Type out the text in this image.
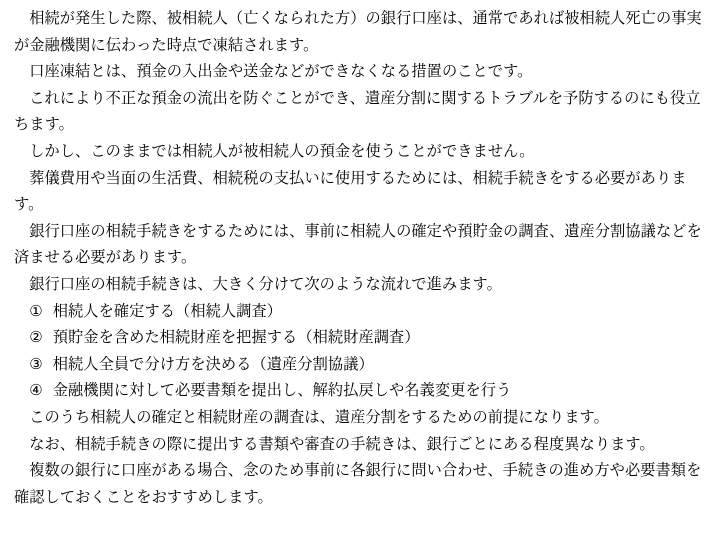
相続が発生した際、被相続人（亡くなられた方）の銀行口座は、通常であれば被相続人死亡の事実が金融機関に伝わった時点で凍結されます。

口座凍結とは、預金の入出金や送金などができなくなる措置のことです。

これにより不正な預金の流出を防ぐことができ、遺産分割に関するトラブルを予防するのにも役立ちます。

しかし、このままでは相続人が被相続人の預金を使うことができません。

葬儀費用や当面の生活費、相続税の支払いに使用するためには、相続手続きをする必要があります。

銀行口座の相続手続きをするためには、事前に相続人の確定や預貯金の調査、遺産分割協議などを済ませる必要があります。

銀行口座の相続手続きは、大きく分けて次のような流れで進みます。

① 相続人を確定する（相続人調査）
② 預貯金を含めた相続財産を把握する（相続財産調査）
③ 相続人全員で分け方を決める（遺産分割協議）
④ 金融機関に対して必要書類を提出し、解約払戻しや名義変更を行う

このうち相続人の確定と相続財産の調査は、遺産分割をするための前提になります。

なお、相続手続きの際に提出する書類や審査の手続きは、銀行ごとにある程度異なります。

複数の銀行に口座がある場合、念のため事前に各銀行に問い合わせ、手続きの進め方や必要書類を確認しておくことをおすすめします。
